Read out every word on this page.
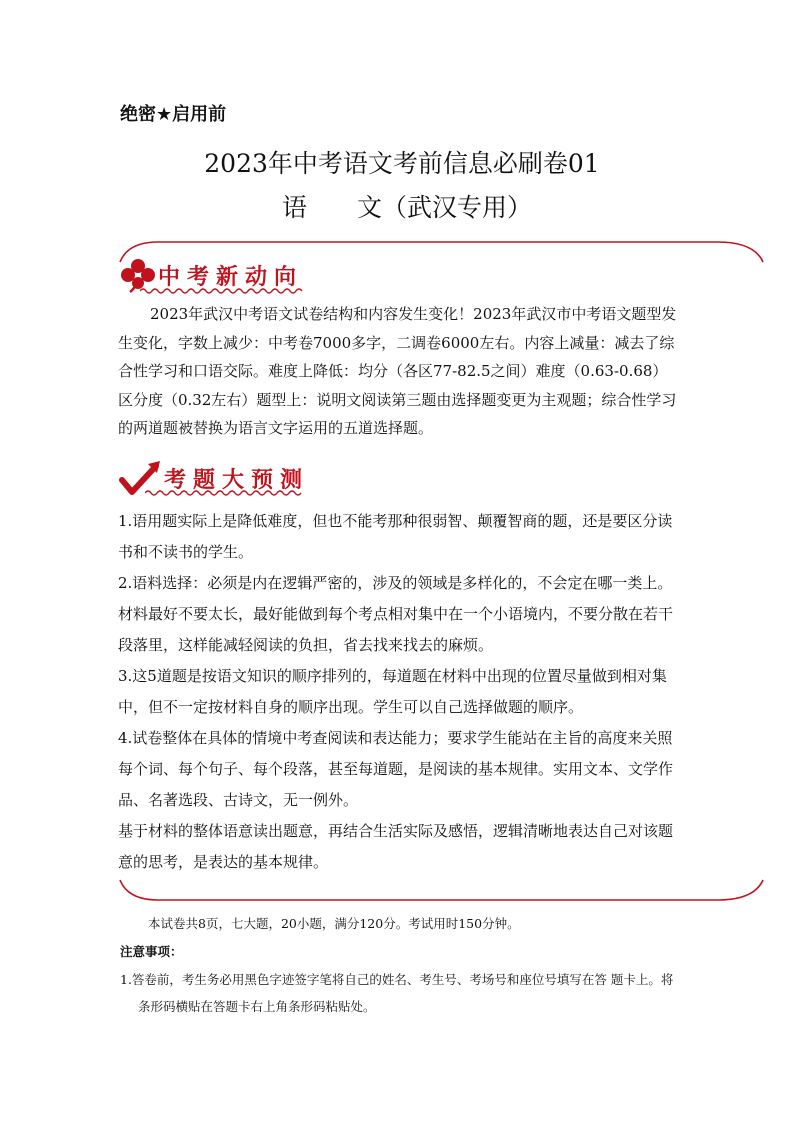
绝密★启用前
2023年中考语文考前信息必刷卷01
语 文（武汉专用）
中考新动向

2023年武汉中考语文试卷结构和内容发生变化！2023年武汉市中考语文题型发生变化，字数上减少：中考卷7000多字，二调卷6000左右。内容上减量：减去了综合性学习和口语交际。难度上降低：均分（各区77-82.5之间）难度（0.63-0.68）区分度（0.32左右）题型上：说明文阅读第三题由选择题变更为主观题；综合性学习的两道题被替换为语言文字运用的五道选择题。

考题大预测

1.语用题实际上是降低难度，但也不能考那种很弱智、颠覆智商的题，还是要区分读书和不读书的学生。

2.语料选择：必须是内在逻辑严密的，涉及的领域是多样化的，不会定在哪一类上。材料最好不要太长，最好能做到每个考点相对集中在一个小语境内，不要分散在若干段落里，这样能减轻阅读的负担，省去找来找去的麻烦。

3.这5道题是按语文知识的顺序排列的，每道题在材料中出现的位置尽量做到相对集中，但不一定按材料自身的顺序出现。学生可以自己选择做题的顺序。

4.试卷整体在具体的情境中考查阅读和表达能力；要求学生能站在主旨的高度来关照每个词、每个句子、每个段落，甚至每道题，是阅读的基本规律。实用文本、文学作品、名著选段、古诗文，无一例外。

基于材料的整体语意读出题意，再结合生活实际及感悟，逻辑清晰地表达自己对该题意的思考，是表达的基本规律。

本试卷共8页，七大题，20小题，满分120分。考试用时150分钟。

注意事项：

1.答卷前，考生务必用黑色字迹签字笔将自己的姓名、考生号、考场号和座位号填写在答 题卡上。将

条形码横贴在答题卡右上角条形码粘贴处。
